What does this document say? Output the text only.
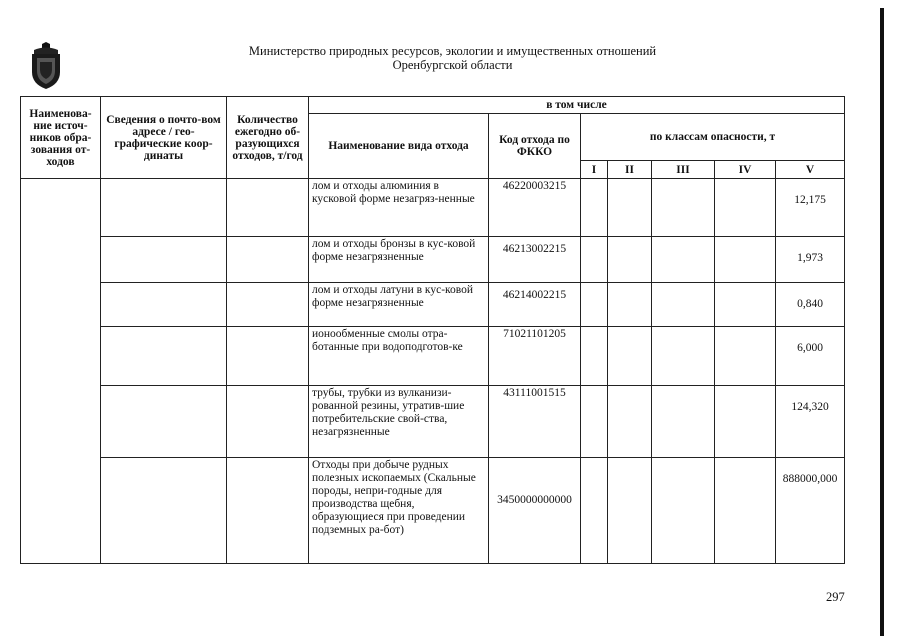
Министерство природных ресурсов, экологии и имущественных отношений
Оренбургской области
Наименова-ние источ-ников обра-зования от-ходов	Сведения о почто-вом адресе / гео-графические коор-динаты	Количество ежегодно об-разующихся отходов, т/год	в том числе						
			Наименование вида отхода	Код отхода по ФККО	по классам опасности, т				
					I	II	III	IV	V
			лом и отходы алюминия в кусковой форме незагряз-ненные	46220003215					12,175
			лом и отходы бронзы в кус-ковой форме незагрязненные	46213002215					1,973
			лом и отходы латуни в кус-ковой форме незагрязненные	46214002215					0,840
			ионообменные смолы отра-ботанные при водоподготов-ке	71021101205					6,000
			трубы, трубки из вулканизи-рованной резины, утратив-шие потребительские свой-ства, незагрязненные	43111001515					124,320
			Отходы при добыче рудных полезных ископаемых (Скальные породы, непри-годные для производства щебня, образующиеся при проведении подземных ра-бот)	3450000000000					888000,000
297
